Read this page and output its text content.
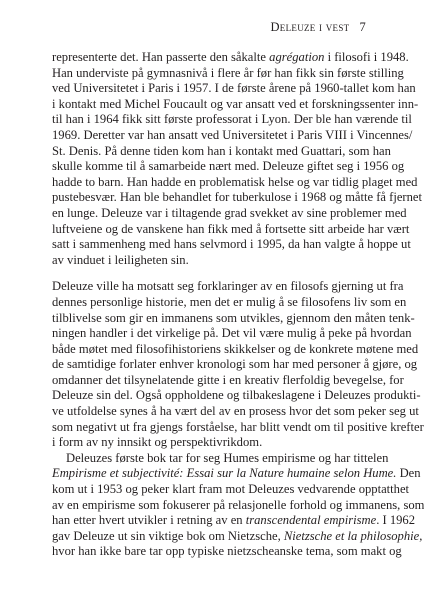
Deleuze i vest 7
representerte det. Han passerte den såkalte agrégation i filosofi i 1948.
Han underviste på gymnasnivå i flere år før han fikk sin første stilling
ved Universitetet i Paris i 1957. I de første årene på 1960-tallet kom han
i kontakt med Michel Foucault og var ansatt ved et forskningssenter inn-
til han i 1964 fikk sitt første professorat i Lyon. Der ble han værende til
1969. Deretter var han ansatt ved Universitetet i Paris VIII i Vincennes/
St. Denis. På denne tiden kom han i kontakt med Guattari, som han
skulle komme til å samarbeide nært med. Deleuze giftet seg i 1956 og
hadde to barn. Han hadde en problematisk helse og var tidlig plaget med
pustebesvær. Han ble behandlet for tuberkulose i 1968 og måtte få fjernet
en lunge. Deleuze var i tiltagende grad svekket av sine problemer med
luftveiene og de vanskene han fikk med å fortsette sitt arbeide har vært
satt i sammenheng med hans selvmord i 1995, da han valgte å hoppe ut
av vinduet i leiligheten sin.
Deleuze ville ha motsatt seg forklaringer av en filosofs gjerning ut fra
dennes personlige historie, men det er mulig å se filosofens liv som en
tilblivelse som gir en immanens som utvikles, gjennom den måten tenk-
ningen handler i det virkelige på. Det vil være mulig å peke på hvordan
både møtet med filosofihistoriens skikkelser og de konkrete møtene med
de samtidige forlater enhver kronologi som har med personer å gjøre, og
omdanner det tilsynelatende gitte i en kreativ flerfoldig bevegelse, for
Deleuze sin del. Også oppholdene og tilbakeslagene i Deleuzes produkti-
ve utfoldelse synes å ha vært del av en prosess hvor det som peker seg ut
som negativt ut fra gjengs forståelse, har blitt vendt om til positive krefter
i form av ny innsikt og perspektivrikdom.
Deleuzes første bok tar for seg Humes empirisme og har tittelen
Empirisme et subjectivité: Essai sur la Nature humaine selon Hume. Den
kom ut i 1953 og peker klart fram mot Deleuzes vedvarende opptatthet
av en empirisme som fokuserer på relasjonelle forhold og immanens, som
han etter hvert utvikler i retning av en transcendental empirisme. I 1962
gav Deleuze ut sin viktige bok om Nietzsche, Nietzsche et la philosophie,
hvor han ikke bare tar opp typiske nietzscheanske tema, som makt og
